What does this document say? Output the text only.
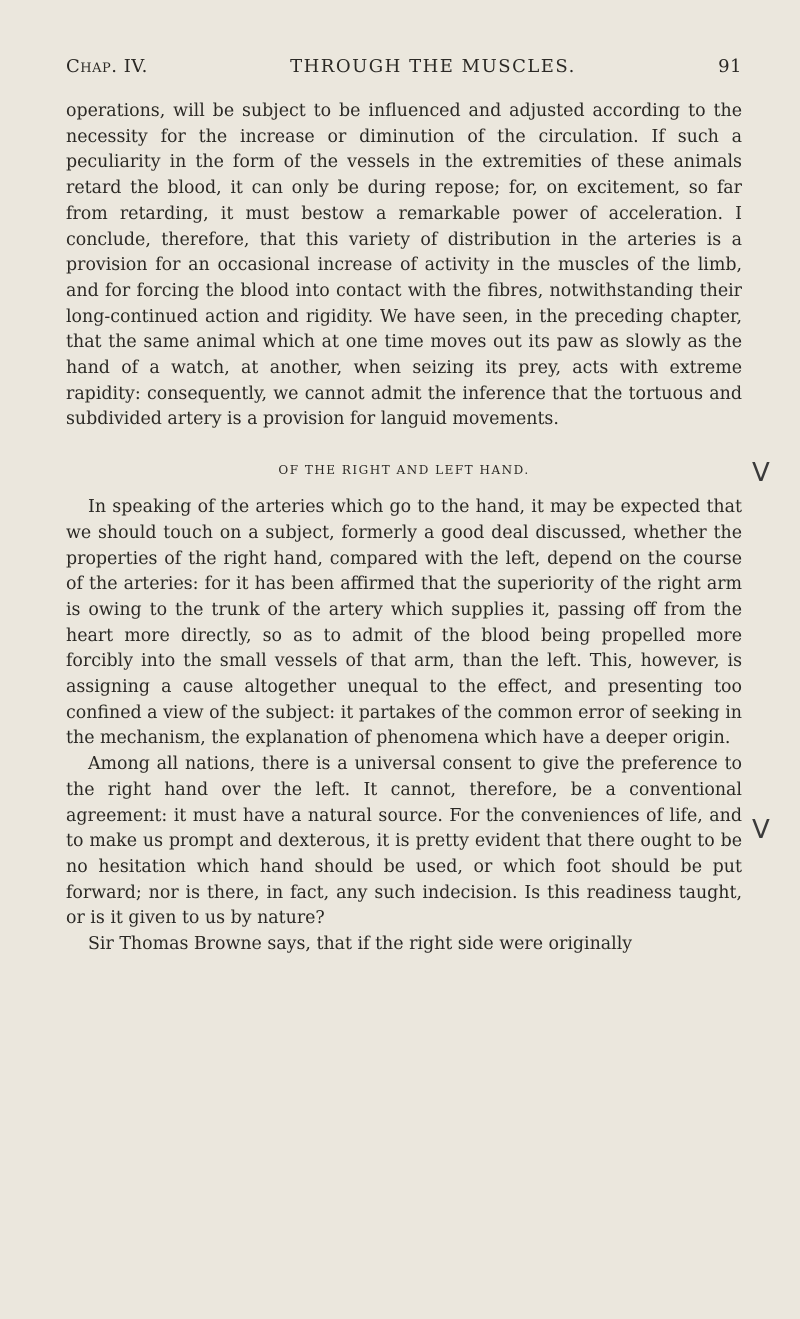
Chap. IV.	THROUGH THE MUSCLES.	91

operations, will be subject to be influenced and adjusted according to the necessity for the increase or diminution of the circulation. If such a peculiarity in the form of the vessels in the extremities of these animals retard the blood, it can only be during repose; for, on excitement, so far from retarding, it must bestow a remarkable power of acceleration. I conclude, therefore, that this variety of distribution in the arteries is a provision for an occasional increase of activity in the muscles of the limb, and for forcing the blood into contact with the fibres, notwithstanding their long-continued action and rigidity. We have seen, in the preceding chapter, that the same animal which at one time moves out its paw as slowly as the hand of a watch, at another, when seizing its prey, acts with extreme rapidity: consequently, we cannot admit the inference that the tortuous and subdivided artery is a provision for languid movements.

OF THE RIGHT AND LEFT HAND.

In speaking of the arteries which go to the hand, it may be expected that we should touch on a subject, formerly a good deal discussed, whether the properties of the right hand, compared with the left, depend on the course of the arteries: for it has been affirmed that the superiority of the right arm is owing to the trunk of the artery which supplies it, passing off from the heart more directly, so as to admit of the blood being propelled more forcibly into the small vessels of that arm, than the left. This, however, is assigning a cause altogether unequal to the effect, and presenting too confined a view of the subject: it partakes of the common error of seeking in the mechanism, the explanation of phenomena which have a deeper origin.

Among all nations, there is a universal consent to give the preference to the right hand over the left. It cannot, therefore, be a conventional agreement: it must have a natural source. For the conveniences of life, and to make us prompt and dexterous, it is pretty evident that there ought to be no hesitation which hand should be used, or which foot should be put forward; nor is there, in fact, any such indecision. Is this readiness taught, or is it given to us by nature?

Sir Thomas Browne says, that if the right side were originally

V
V
